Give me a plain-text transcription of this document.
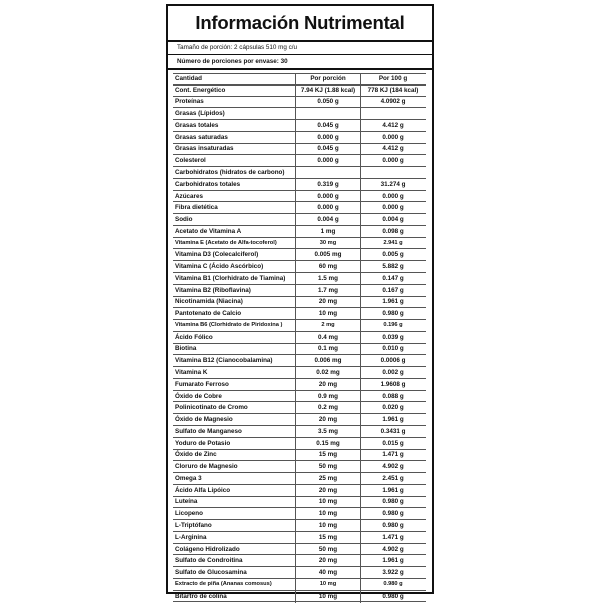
Información Nutrimental
Tamaño de porción: 2 cápsulas 510 mg c/u
Número de porciones por envase: 30
Cantidad	Por porción	Por 100 g
Cont. Energético	7.94 KJ (1.88 kcal)	778 KJ (184 kcal)
Proteínas	0.050 g	4.0902 g
Grasas (Lípidos)
Grasas totales	0.045 g	4.412 g
Grasas saturadas	0.000 g	0.000 g
Grasas insaturadas	0.045 g	4.412 g
Colesterol	0.000 g	0.000 g
Carbohidratos (hidratos de carbono)
Carbohidratos totales	0.319 g	31.274 g
Azúcares	0.000 g	0.000 g
Fibra dietética	0.000 g	0.000 g
Sodio	0.004 g	0.004 g
Acetato de Vitamina A	1 mg	0.098 g
Vitamina E (Acetato de Alfa-tocoferol)	30 mg	2.941 g
Vitamina D3 (Colecalciferol)	0.005 mg	0.005 g
Vitamina C (Ácido Ascórbico)	60 mg	5.882 g
Vitamina B1 (Clorhidrato de Tiamina)	1.5 mg	0.147 g
Vitamina B2 (Riboflavina)	1.7 mg	0.167 g
Nicotinamida (Niacina)	20 mg	1.961 g
Pantotenato de Calcio	10 mg	0.980 g
Vitamina B6 (Clorhidrato de Piridoxina )	2 mg	0.196 g
Ácido Fólico	0.4 mg	0.039 g
Biotina	0.1 mg	0.010 g
Vitamina B12 (Cianocobalamina)	0.006 mg	0.0006 g
Vitamina K	0.02 mg	0.002 g
Fumarato Ferroso	20 mg	1.9608 g
Óxido de Cobre	0.9 mg	0.088 g
Polinicotinato de Cromo	0.2 mg	0.020 g
Óxido de Magnesio	20 mg	1.961 g
Sulfato de Manganeso	3.5 mg	0.3431 g
Yoduro de Potasio	0.15 mg	0.015 g
Óxido de Zinc	15 mg	1.471 g
Cloruro de Magnesio	50 mg	4.902 g
Omega 3	25 mg	2.451 g
Ácido Alfa Lipóico	20 mg	1.961 g
Luteína	10 mg	0.980 g
Licopeno	10 mg	0.980 g
L-Triptófano	10 mg	0.980 g
L-Arginina	15 mg	1.471 g
Colágeno Hidrolizado	50 mg	4.902 g
Sulfato de Condroitina	20 mg	1.961 g
Sulfato de Glucosamina	40 mg	3.922 g
Extracto de piña (Ananas comosus)	10 mg	0.980 g
Bitartro de colina	10 mg	0.980 g
